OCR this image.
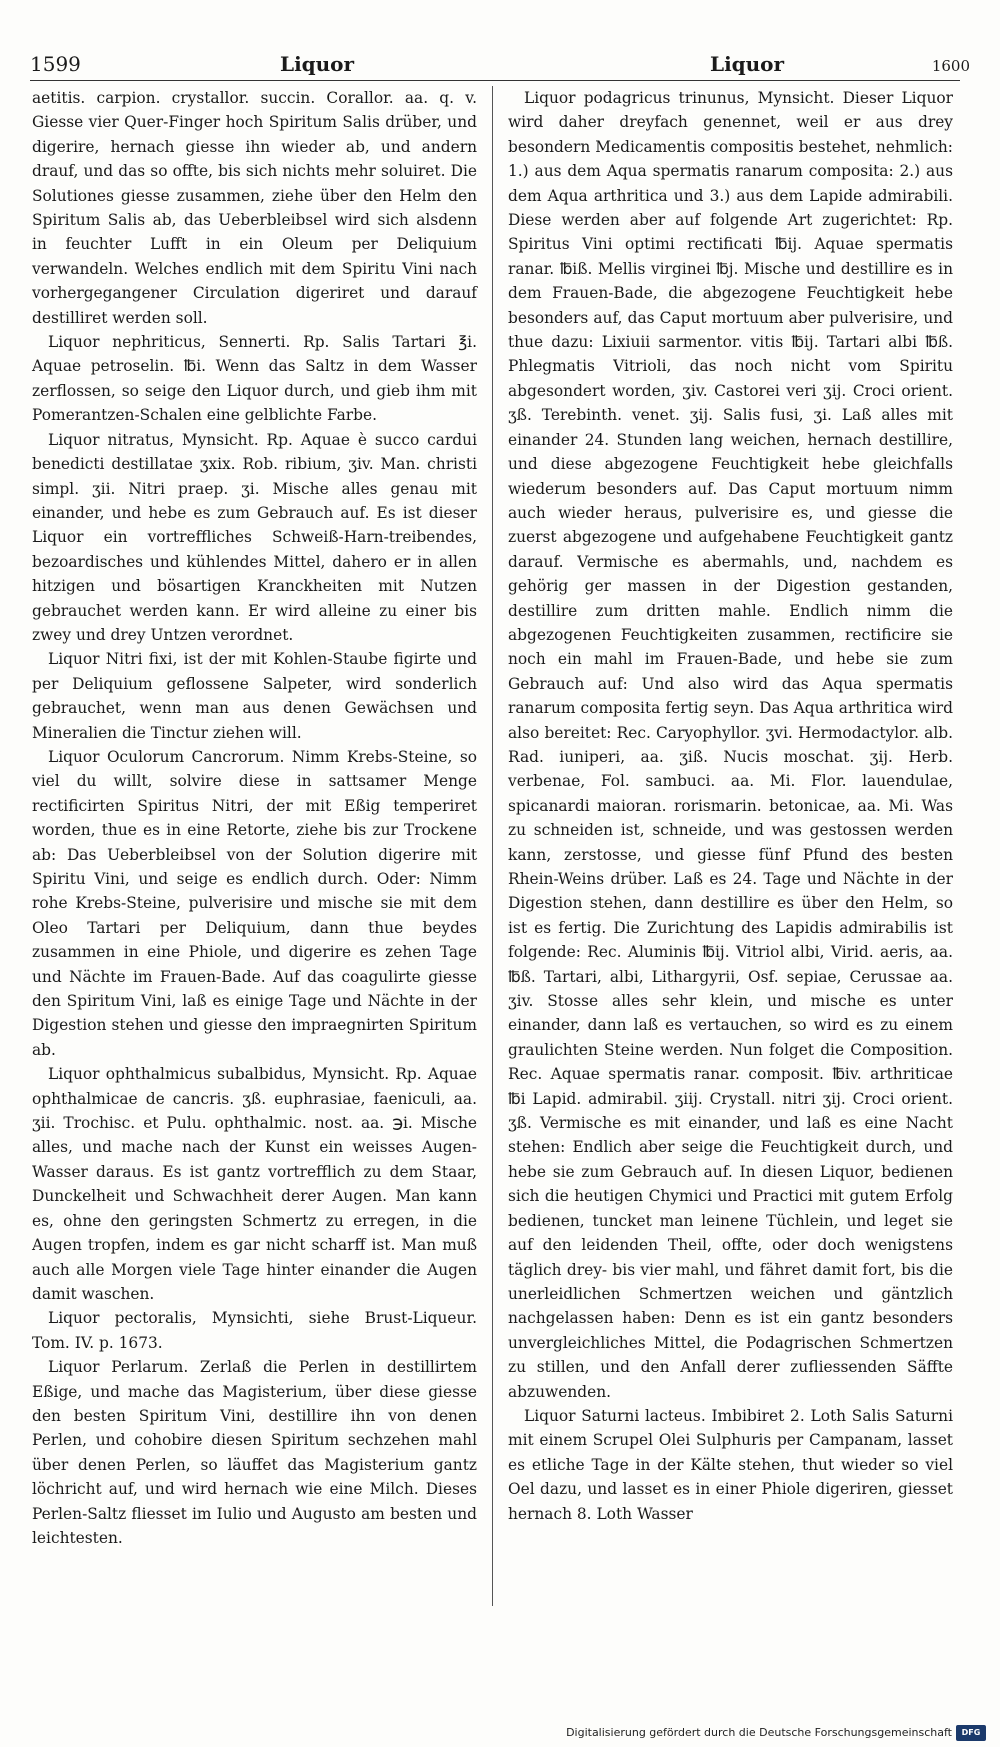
1599	Liquor	Liquor	1600

aetitis. carpion. crystallor. succin. Corallor. aa. q. v. Giesse vier Quer-Finger hoch Spiritum Salis drüber, und digerire, hernach giesse ihn wieder ab, und andern drauf, und das so offte, bis sich nichts mehr soluiret. Die Solutiones giesse zusammen, ziehe über den Helm den Spiritum Salis ab, das Ueberbleibsel wird sich alsdenn in feuchter Lufft in ein Oleum per Deliquium verwandeln. Welches endlich mit dem Spiritu Vini nach vorhergegangener Circulation digeriret und darauf destilliret werden soll.

Liquor nephriticus, Sennerti. Rp. Salis Tartari ℥i. Aquae petroselin. ℔i. Wenn das Saltz in dem Wasser zerflossen, so seige den Liquor durch, und gieb ihm mit Pomerantzen-Schalen eine gelblichte Farbe.

Liquor nitratus, Mynsicht. Rp. Aquae è succo cardui benedicti destillatae ʒxix. Rob. ribium, ʒiv. Man. christi simpl. ʒii. Nitri praep. ʒi. Mische alles genau mit einander, und hebe es zum Gebrauch auf. Es ist dieser Liquor ein vortreffliches Schweiß-Harn-treibendes, bezoardisches und kühlendes Mittel, dahero er in allen hitzigen und bösartigen Kranckheiten mit Nutzen gebrauchet werden kann. Er wird alleine zu einer bis zwey und drey Untzen verordnet.

Liquor Nitri fixi, ist der mit Kohlen-Staube figirte und per Deliquium geflossene Salpeter, wird sonderlich gebrauchet, wenn man aus denen Gewächsen und Mineralien die Tinctur ziehen will.

Liquor Oculorum Cancrorum. Nimm Krebs-Steine, so viel du willt, solvire diese in sattsamer Menge rectificirten Spiritus Nitri, der mit Eßig temperiret worden, thue es in eine Retorte, ziehe bis zur Trockene ab: Das Ueberbleibsel von der Solution digerire mit Spiritu Vini, und seige es endlich durch. Oder: Nimm rohe Krebs-Steine, pulverisire und mische sie mit dem Oleo Tartari per Deliquium, dann thue beydes zusammen in eine Phiole, und digerire es zehen Tage und Nächte im Frauen-Bade. Auf das coagulirte giesse den Spiritum Vini, laß es einige Tage und Nächte in der Digestion stehen und giesse den impraegnirten Spiritum ab.

Liquor ophthalmicus subalbidus, Mynsicht. Rp. Aquae ophthalmicae de cancris. ʒß. euphrasiae, faeniculi, aa. ʒii. Trochisc. et Pulu. ophthalmic. nost. aa. ℈i. Mische alles, und mache nach der Kunst ein weisses Augen-Wasser daraus. Es ist gantz vortrefflich zu dem Staar, Dunckelheit und Schwachheit derer Augen. Man kann es, ohne den geringsten Schmertz zu erregen, in die Augen tropfen, indem es gar nicht scharff ist. Man muß auch alle Morgen viele Tage hinter einander die Augen damit waschen.

Liquor pectoralis, Mynsichti, siehe Brust-Liqueur. Tom. IV. p. 1673.

Liquor Perlarum. Zerlaß die Perlen in destillirtem Eßige, und mache das Magisterium, über diese giesse den besten Spiritum Vini, destillire ihn von denen Perlen, und cohobire diesen Spiritum sechzehen mahl über denen Perlen, so läuffet das Magisterium gantz löchricht auf, und wird hernach wie eine Milch. Dieses Perlen-Saltz fliesset im Iulio und Augusto am besten und leichtesten.

Liquor podagricus trinunus, Mynsicht. Dieser Liquor wird daher dreyfach genennet, weil er aus drey besondern Medicamentis compositis bestehet, nehmlich: 1.) aus dem Aqua spermatis ranarum composita: 2.) aus dem Aqua arthritica und 3.) aus dem Lapide admirabili. Diese werden aber auf folgende Art zugerichtet: Rp. Spiritus Vini optimi rectificati ℔ij. Aquae spermatis ranar. ℔iß. Mellis virginei ℔j. Mische und destillire es in dem Frauen-Bade, die abgezogene Feuchtigkeit hebe besonders auf, das Caput mortuum aber pulverisire, und thue dazu: Lixiuii sarmentor. vitis ℔ij. Tartari albi ℔ß. Phlegmatis Vitrioli, das noch nicht vom Spiritu abgesondert worden, ʒiv. Castorei veri ʒij. Croci orient. ʒß. Terebinth. venet. ʒij. Salis fusi, ʒi. Laß alles mit einander 24. Stunden lang weichen, hernach destillire, und diese abgezogene Feuchtigkeit hebe gleichfalls wiederum besonders auf. Das Caput mortuum nimm auch wieder heraus, pulverisire es, und giesse die zuerst abgezogene und aufgehabene Feuchtigkeit gantz darauf. Vermische es abermahls, und, nachdem es gehörig ger massen in der Digestion gestanden, destillire zum dritten mahle. Endlich nimm die abgezogenen Feuchtigkeiten zusammen, rectificire sie noch ein mahl im Frauen-Bade, und hebe sie zum Gebrauch auf: Und also wird das Aqua spermatis ranarum composita fertig seyn. Das Aqua arthritica wird also bereitet: Rec. Caryophyllor. ʒvi. Hermodactylor. alb. Rad. iuniperi, aa. ʒiß. Nucis moschat. ʒij. Herb. verbenae, Fol. sambuci. aa. Mi. Flor. lauendulae, spicanardi maioran. rorismarin. betonicae, aa. Mi. Was zu schneiden ist, schneide, und was gestossen werden kann, zerstosse, und giesse fünf Pfund des besten Rhein-Weins drüber. Laß es 24. Tage und Nächte in der Digestion stehen, dann destillire es über den Helm, so ist es fertig. Die Zurichtung des Lapidis admirabilis ist folgende: Rec. Aluminis ℔ij. Vitriol albi, Virid. aeris, aa. ℔ß. Tartari, albi, Lithargyrii, Osf. sepiae, Cerussae aa. ʒiv. Stosse alles sehr klein, und mische es unter einander, dann laß es vertauchen, so wird es zu einem graulichten Steine werden. Nun folget die Composition. Rec. Aquae spermatis ranar. composit. ℔iv. arthriticae ℔i Lapid. admirabil. ʒiij. Crystall. nitri ʒij. Croci orient. ʒß. Vermische es mit einander, und laß es eine Nacht stehen: Endlich aber seige die Feuchtigkeit durch, und hebe sie zum Gebrauch auf. In diesen Liquor, bedienen sich die heutigen Chymici und Practici mit gutem Erfolg bedienen, tuncket man leinene Tüchlein, und leget sie auf den leidenden Theil, offte, oder doch wenigstens täglich drey- bis vier mahl, und fähret damit fort, bis die unerleidlichen Schmertzen weichen und gäntzlich nachgelassen haben: Denn es ist ein gantz besonders unvergleichliches Mittel, die Podagrischen Schmertzen zu stillen, und den Anfall derer zufliessenden Säffte abzuwenden.

Liquor Saturni lacteus. Imbibiret 2. Loth Salis Saturni mit einem Scrupel Olei Sulphuris per Campanam, lasset es etliche Tage in der Kälte stehen, thut wieder so viel Oel dazu, und lasset es in einer Phiole digeriren, giesset hernach 8. Loth Wasser

Digitalisierung gefördert durch die Deutsche Forschungsgemeinschaft	DFG
